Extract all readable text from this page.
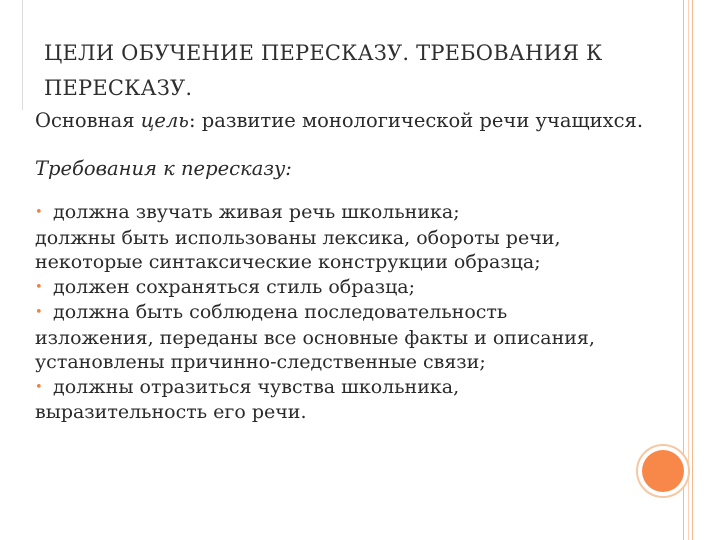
ЦЕЛИ ОБУЧЕНИЕ ПЕРЕСКАЗУ. ТРЕБОВАНИЯ К
ПЕРЕСКАЗУ.
Основная цель: развитие монологической речи учащихся.
Требования к пересказу:
• должна звучать живая речь школьника;
должны быть использованы лексика, обороты речи,
некоторые синтаксические конструкции образца;
• должен сохраняться стиль образца;
• должна быть соблюдена последовательность
изложения, переданы все основные факты и описания,
установлены причинно-следственные связи;
• должны отразиться чувства школьника,
выразительность его речи.
